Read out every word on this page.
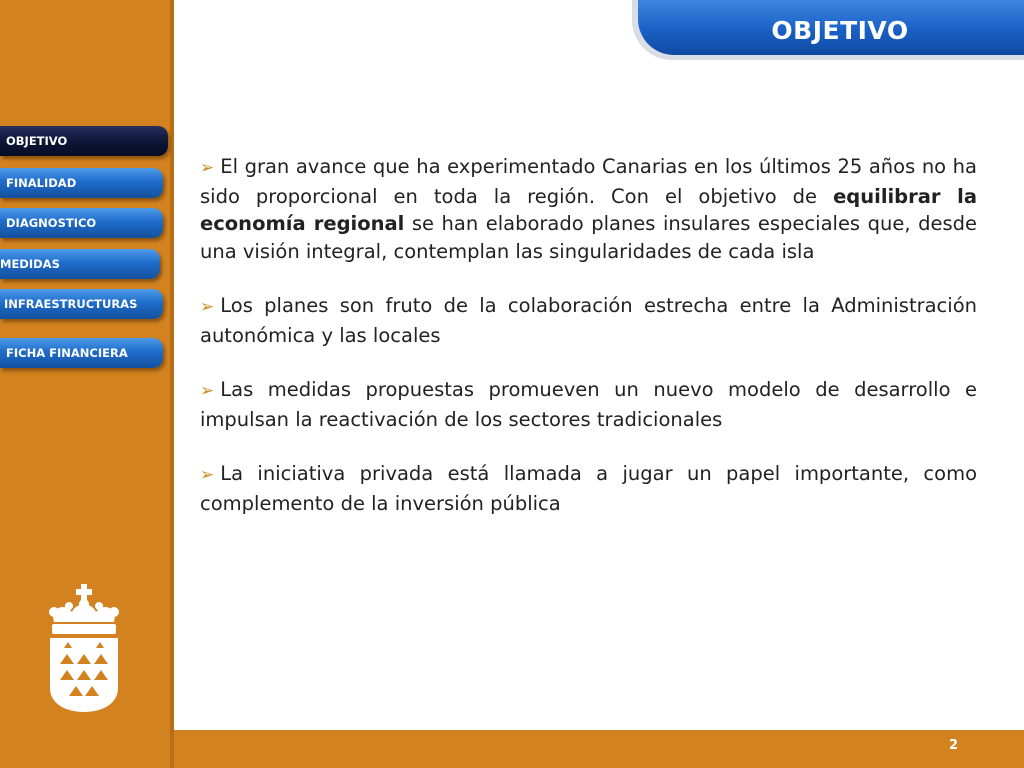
OBJETIVO
FINALIDAD
DIAGNOSTICO
MEDIDAS
INFRAESTRUCTURAS
FICHA FINANCIERA
OBJETIVO

➢ El gran avance que ha experimentado Canarias en los últimos 25 años no ha sido proporcional en toda la región. Con el objetivo de equilibrar la economía regional se han elaborado planes insulares especiales que, desde una visión integral, contemplan las singularidades de cada isla

➢ Los planes son fruto de la colaboración estrecha entre la Administración autonómica y las locales

➢ Las medidas propuestas promueven un nuevo modelo de desarrollo e impulsan la reactivación de los sectores tradicionales

➢ La iniciativa privada está llamada a jugar un papel importante, como complemento de la inversión pública

2
